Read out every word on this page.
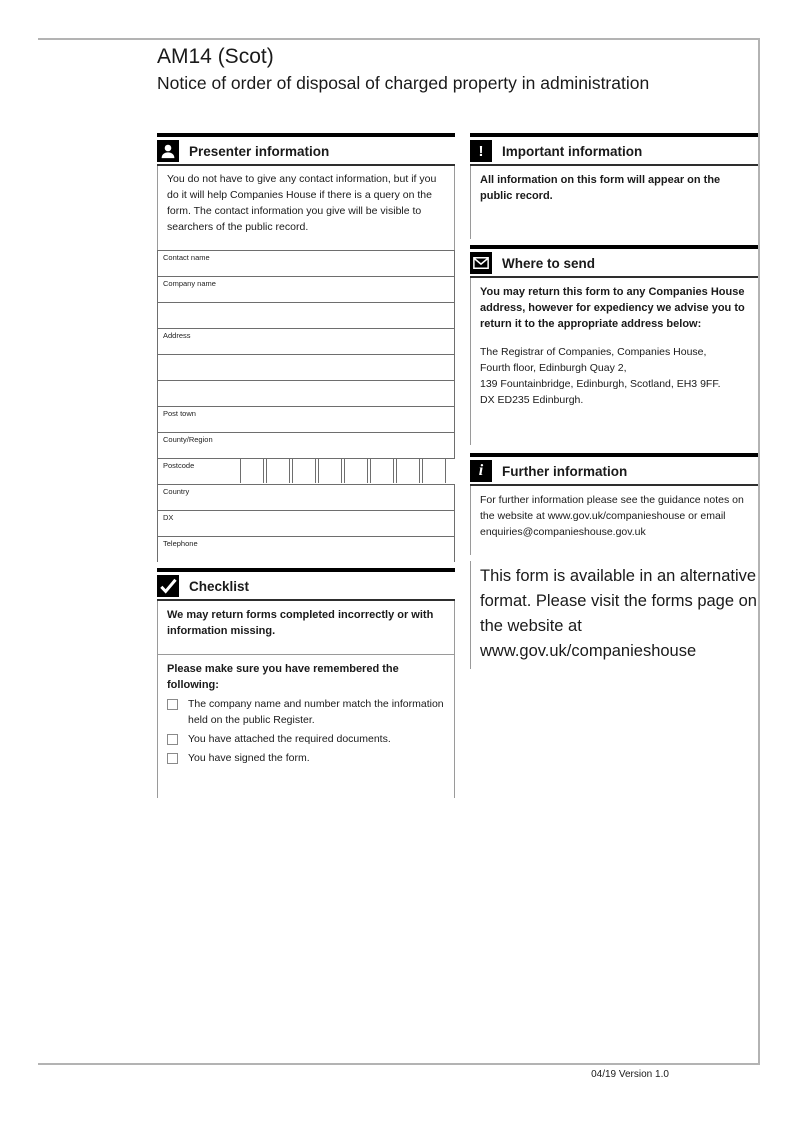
AM14 (Scot)
Notice of order of disposal of charged property in administration
Presenter information
You do not have to give any contact information, but if you do it will help Companies House if there is a query on the form. The contact information you give will be visible to searchers of the public record.
Contact name
Company name
Address
Post town
County/Region
Postcode
Country
DX
Telephone
Checklist
We may return forms completed incorrectly or with information missing.
Please make sure you have remembered the following:
The company name and number match the information held on the public Register.
You have attached the required documents.
You have signed the form.
! Important information
All information on this form will appear on the public record.
Where to send
You may return this form to any Companies House address, however for expediency we advise you to return it to the appropriate address below:
The Registrar of Companies, Companies House,
Fourth floor, Edinburgh Quay 2,
139 Fountainbridge, Edinburgh, Scotland, EH3 9FF.
DX ED235 Edinburgh.
i Further information
For further information please see the guidance notes on the website at www.gov.uk/companieshouse or email enquiries@companieshouse.gov.uk
This form is available in an alternative format. Please visit the forms page on the website at www.gov.uk/companieshouse
04/19 Version 1.0
